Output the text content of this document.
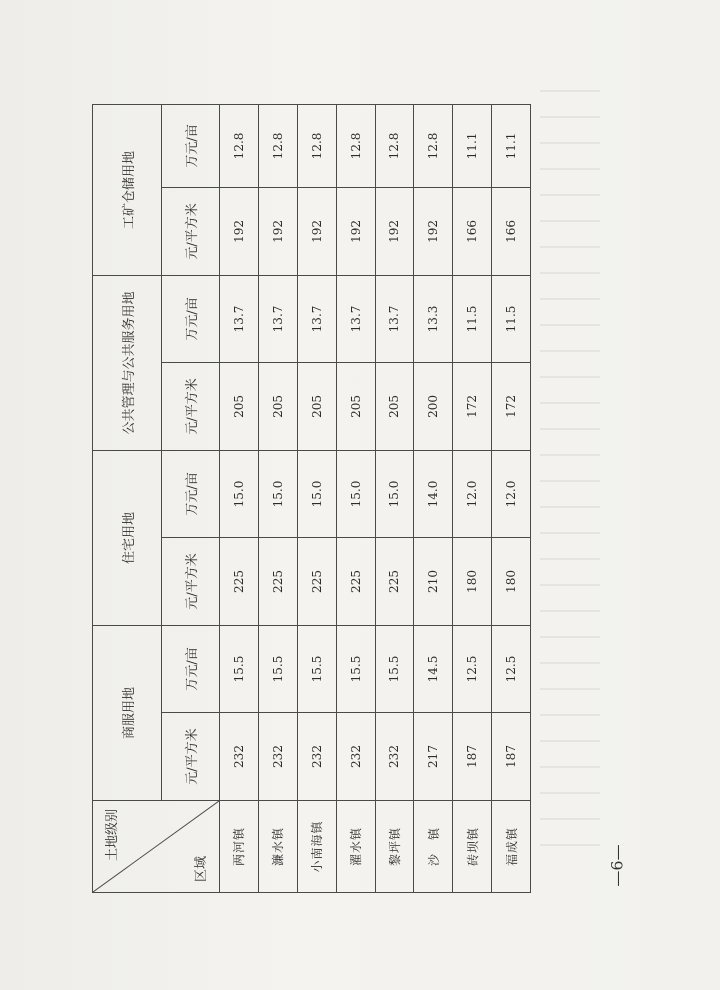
土地级别
区域	商服用地		住宅用地		公共管理与公共服务用地		工矿仓储用地	
	元/平方米	万元/亩	元/平方米	万元/亩	元/平方米	万元/亩	元/平方米	万元/亩
两河镇	232	15.5	225	15.0	205	13.7	192	12.8
濂水镇	232	15.5	225	15.0	205	13.7	192	12.8
小南海镇	232	15.5	225	15.0	205	13.7	192	12.8
濯水镇	232	15.5	225	15.0	205	13.7	192	12.8
黎坪镇	232	15.5	225	15.0	205	13.7	192	12.8
沙　镇	217	14.5	210	14.0	200	13.3	192	12.8
砖坝镇	187	12.5	180	12.0	172	11.5	166	11.1
福成镇	187	12.5	180	12.0	172	11.5	166	11.1
—6—
